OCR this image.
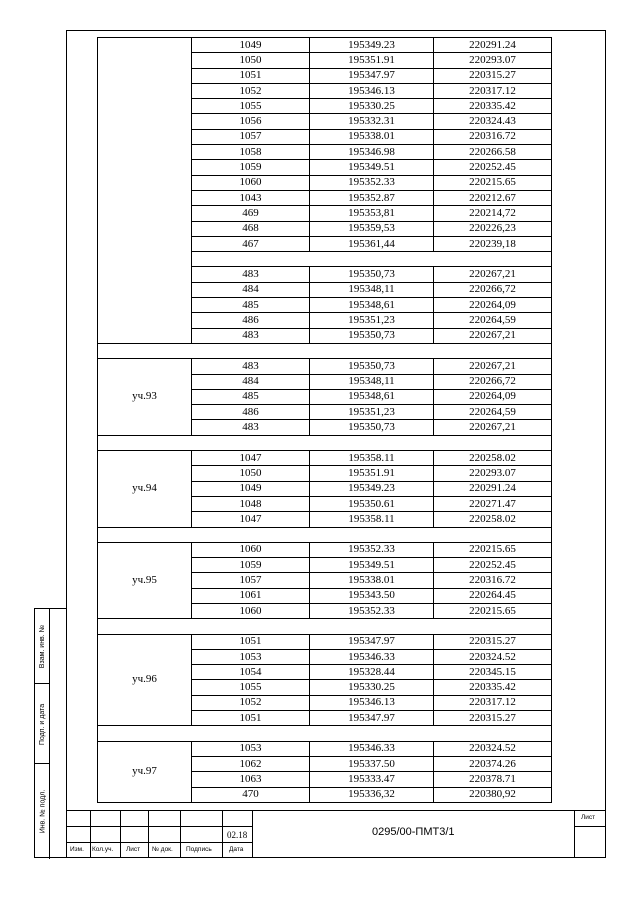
Взам. инв. №
Подп. и дата
Инв. № подл.
	1049	195349.23	220291.24
	1050	195351.91	220293.07
	1051	195347.97	220315.27
	1052	195346.13	220317.12
	1055	195330.25	220335.42
	1056	195332.31	220324.43
	1057	195338.01	220316.72
	1058	195346.98	220266.58
	1059	195349.51	220252.45
	1060	195352.33	220215.65
	1043	195352.87	220212.67
	469	195353,81	220214,72
	468	195359,53	220226,23
	467	195361,44	220239,18

	483	195350,73	220267,21
	484	195348,11	220266,72
	485	195348,61	220264,09
	486	195351,23	220264,59
	483	195350,73	220267,21

уч.93	483	195350,73	220267,21
	484	195348,11	220266,72
	485	195348,61	220264,09
	486	195351,23	220264,59
	483	195350,73	220267,21

уч.94	1047	195358.11	220258.02
	1050	195351.91	220293.07
	1049	195349.23	220291.24
	1048	195350.61	220271.47
	1047	195358.11	220258.02

уч.95	1060	195352.33	220215.65
	1059	195349.51	220252.45
	1057	195338.01	220316.72
	1061	195343.50	220264.45
	1060	195352.33	220215.65

уч.96	1051	195347.97	220315.27
	1053	195346.33	220324.52
	1054	195328.44	220345.15
	1055	195330.25	220335.42
	1052	195346.13	220317.12
	1051	195347.97	220315.27

уч.97	1053	195346.33	220324.52
	1062	195337.50	220374.26
	1063	195333.47	220378.71
	470	195336,32	220380,92
02.18	0295/00-ПМТ3/1
Лист
Изм. Кол.уч. Лист № док. Подпись	Дата
